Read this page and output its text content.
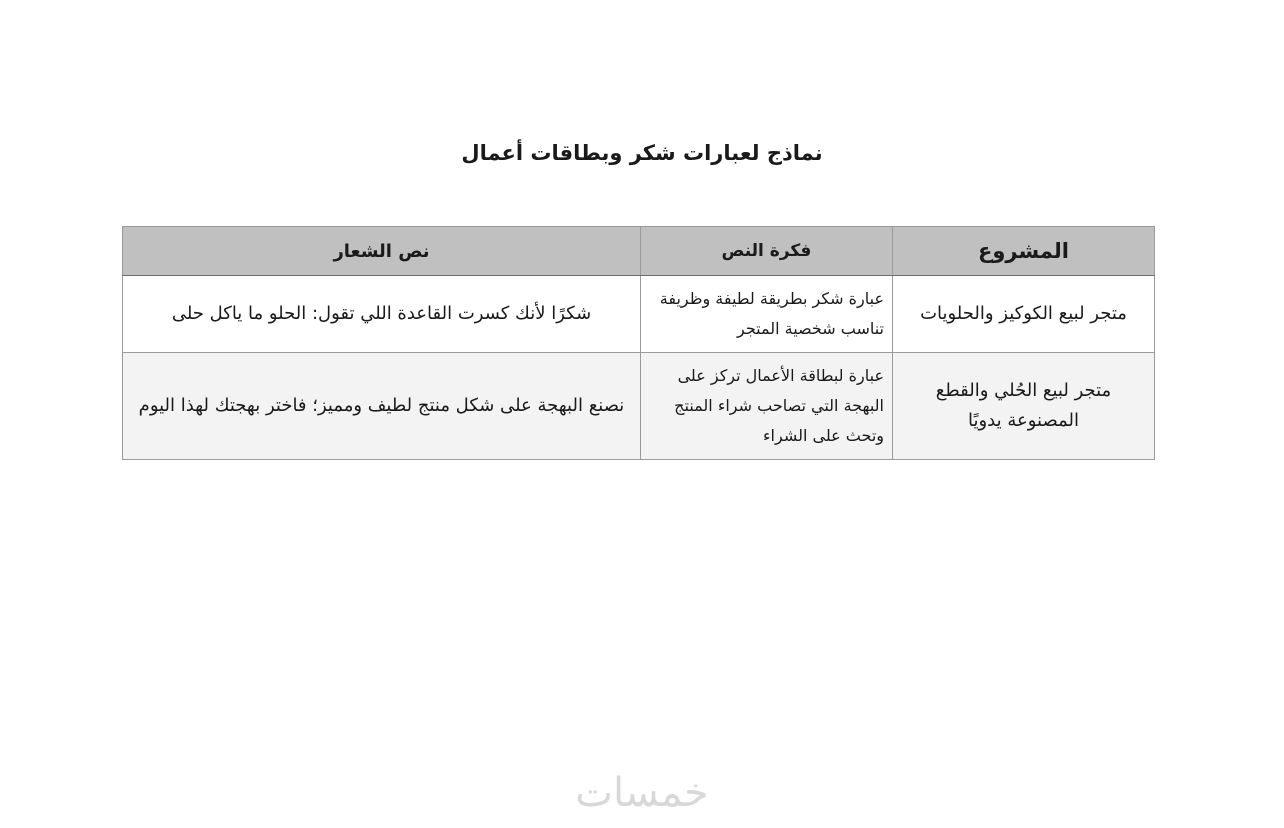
نماذج لعبارات شكر وبطاقات أعمال
المشروع	فكرة النص	نص الشعار
متجر لبيع الكوكيز والحلويات	عبارة شكر بطريقة لطيفة وظريفة تناسب شخصية المتجر	شكرًا لأنك كسرت القاعدة اللي تقول: الحلو ما ياكل حلى
متجر لبيع الحُلي والقطع المصنوعة يدويًا	عبارة لبطاقة الأعمال تركز على البهجة التي تصاحب شراء المنتج وتحث على الشراء	نصنع البهجة على شكل منتج لطيف ومميز؛ فاختر بهجتك لهذا اليوم
خمسات
